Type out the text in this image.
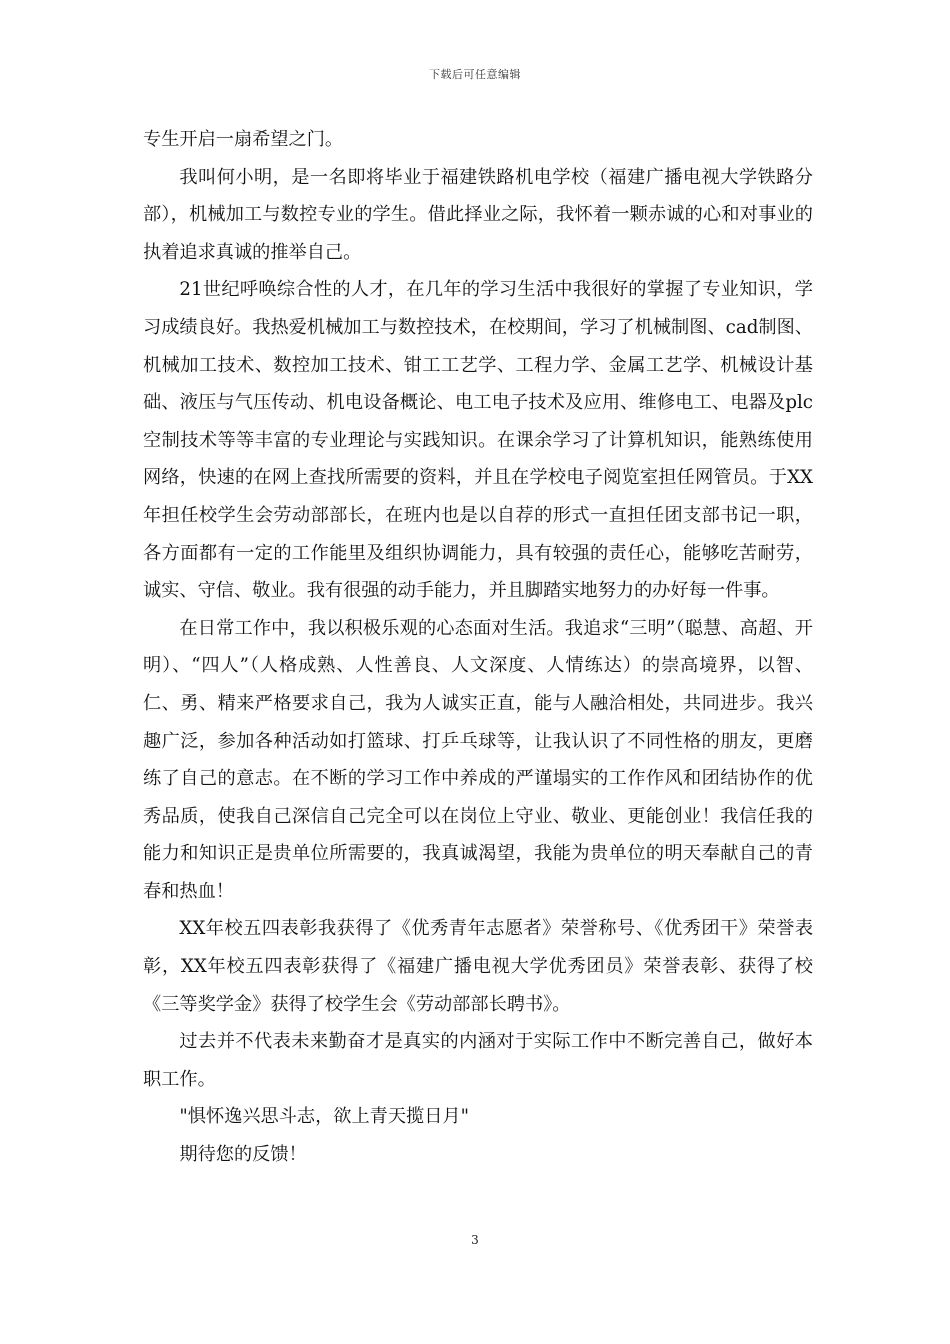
下载后可任意编辑

专生开启一扇希望之门。

我叫何小明，是一名即将毕业于福建铁路机电学校（福建广播电视大学铁路分部），机械加工与数控专业的学生。借此择业之际，我怀着一颗赤诚的心和对事业的执着追求真诚的推举自己。

21世纪呼唤综合性的人才，在几年的学习生活中我很好的掌握了专业知识，学习成绩良好。我热爱机械加工与数控技术，在校期间，学习了机械制图、cad制图、机械加工技术、数控加工技术、钳工工艺学、工程力学、金属工艺学、机械设计基础、液压与气压传动、机电设备概论、电工电子技术及应用、维修电工、电器及plc空制技术等等丰富的专业理论与实践知识。在课余学习了计算机知识，能熟练使用网络，快速的在网上查找所需要的资料，并且在学校电子阅览室担任网管员。于XX年担任校学生会劳动部部长，在班内也是以自荐的形式一直担任团支部书记一职，各方面都有一定的工作能里及组织协调能力，具有较强的责任心，能够吃苦耐劳，诚实、守信、敬业。我有很强的动手能力，并且脚踏实地努力的办好每一件事。

在日常工作中，我以积极乐观的心态面对生活。我追求“三明”（聪慧、高超、开明）、“四人”（人格成熟、人性善良、人文深度、人情练达）的崇高境界，以智、仁、勇、精来严格要求自己，我为人诚实正直，能与人融洽相处，共同进步。我兴趣广泛，参加各种活动如打篮球、打乒乓球等，让我认识了不同性格的朋友，更磨练了自己的意志。在不断的学习工作中养成的严谨塌实的工作作风和团结协作的优秀品质，使我自己深信自己完全可以在岗位上守业、敬业、更能创业！我信任我的能力和知识正是贵单位所需要的，我真诚渴望，我能为贵单位的明天奉献自己的青春和热血！

XX年校五四表彰我获得了《优秀青年志愿者》荣誉称号、《优秀团干》荣誉表彰，XX年校五四表彰获得了《福建广播电视大学优秀团员》荣誉表彰、获得了校《三等奖学金》获得了校学生会《劳动部部长聘书》。

过去并不代表未来勤奋才是真实的内涵对于实际工作中不断完善自己，做好本职工作。

"惧怀逸兴思斗志，欲上青天揽日月"

期待您的反馈！

3
